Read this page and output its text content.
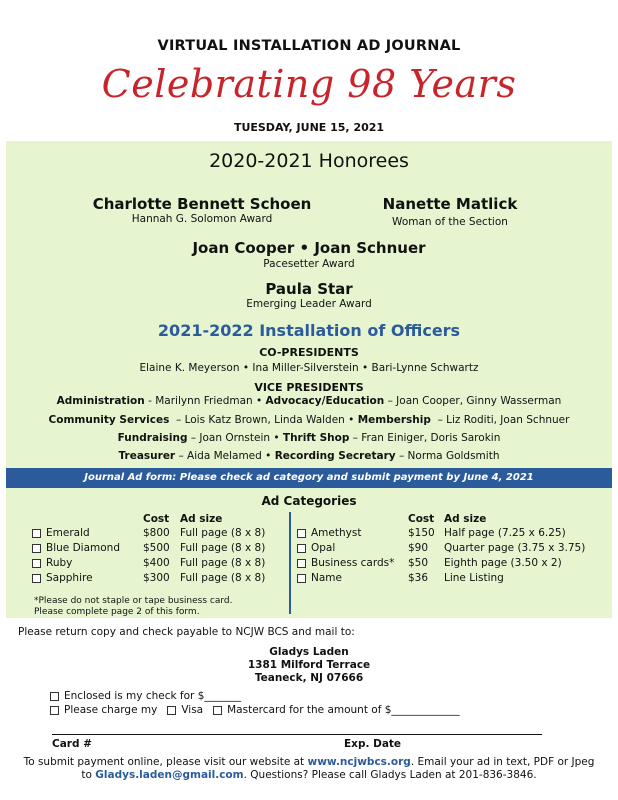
VIRTUAL INSTALLATION AD JOURNAL
Celebrating 98 Years
TUESDAY, JUNE 15, 2021
2020-2021 Honorees
Charlotte Bennett Schoen
Hannah G. Solomon Award
Nanette Matlick
Woman of the Section
Joan Cooper • Joan Schnuer
Pacesetter Award
Paula Star
Emerging Leader Award
2021-2022 Installation of Officers
CO-PRESIDENTS
Elaine K. Meyerson • Ina Miller-Silverstein • Bari-Lynne Schwartz
VICE PRESIDENTS
Administration - Marilynn Friedman • Advocacy/Education – Joan Cooper, Ginny Wasserman
Community Services  – Lois Katz Brown, Linda Walden • Membership  – Liz Roditi, Joan Schnuer
Fundraising – Joan Ornstein • Thrift Shop – Fran Einiger, Doris Sarokin
Treasurer – Aida Melamed • Recording Secretary – Norma Goldsmith
Journal Ad form: Please check ad category and submit payment by June 4, 2021
Ad Categories
Cost Ad size	Cost Ad size
Emerald	$800 Full page (8 x 8)
Blue Diamond $500 Full page (8 x 8)
Ruby	$400 Full page (8 x 8)
Sapphire	$300 Full page (8 x 8)
Amethyst	$150 Half page (7.25 x 6.25)
Opal	$90 Quarter page (3.75 x 3.75)
Business cards* $50 Eighth page (3.50 x 2)
Name	$36 Line Listing
*Please do not staple or tape business card.
Please complete page 2 of this form.
Please return copy and check payable to NCJW BCS and mail to:
Gladys Laden
1381 Milford Terrace
Teaneck, NJ 07666
Enclosed is my check for $_______
Please charge my Visa Mastercard for the amount of $_____________
Card #	Exp. Date
To submit payment online, please visit our website at www.ncjwbcs.org. Email your ad in text, PDF or Jpeg
to Gladys.laden@gmail.com. Questions? Please call Gladys Laden at 201-836-3846.
